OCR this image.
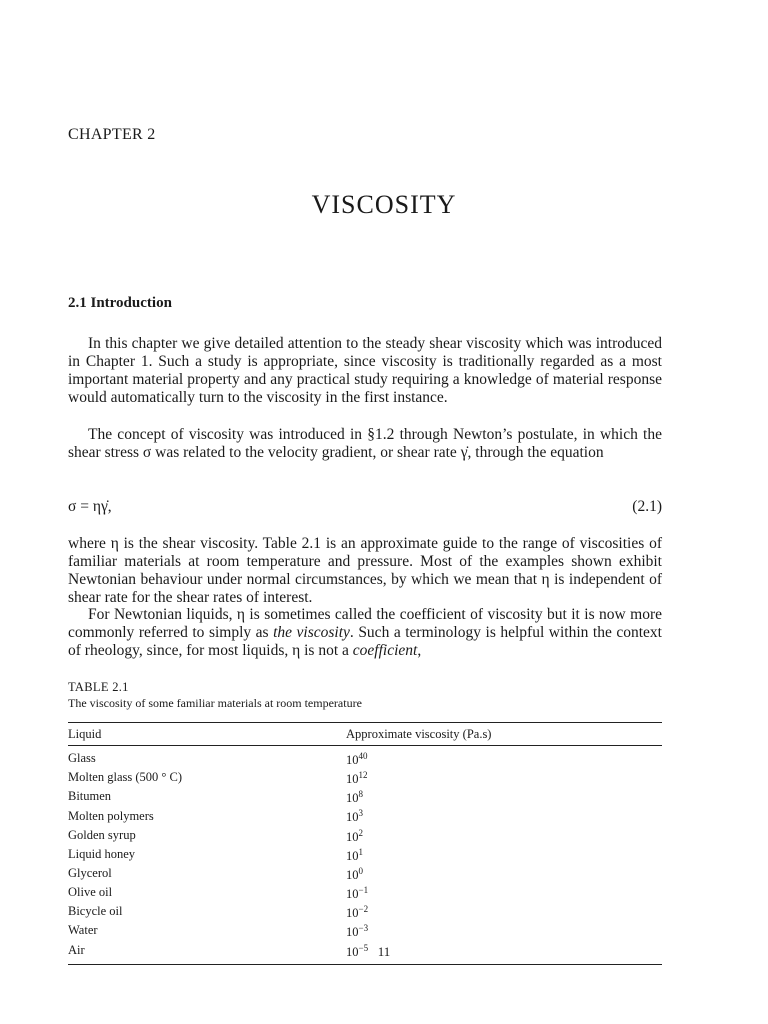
CHAPTER 2
VISCOSITY
2.1 Introduction

In this chapter we give detailed attention to the steady shear viscosity which was introduced in Chapter 1. Such a study is appropriate, since viscosity is traditionally regarded as a most important material property and any practical study requiring a knowledge of material response would automatically turn to the viscosity in the first instance.

The concept of viscosity was introduced in §1.2 through Newton’s postulate, in which the shear stress σ was related to the velocity gradient, or shear rate γ̇, through the equation

σ = ηγ̇,	(2.1)

where η is the shear viscosity. Table 2.1 is an approximate guide to the range of viscosities of familiar materials at room temperature and pressure. Most of the examples shown exhibit Newtonian behaviour under normal circumstances, by which we mean that η is independent of shear rate for the shear rates of interest.

For Newtonian liquids, η is sometimes called the coefficient of viscosity but it is now more commonly referred to simply as the viscosity. Such a terminology is helpful within the context of rheology, since, for most liquids, η is not a coefficient,

TABLE 2.1
The viscosity of some familiar materials at room temperature
Liquid	Approximate viscosity (Pa.s)
Glass	$10^{40}$
Molten glass (500 ° C)	$10^{12}$
Bitumen	$10^8$
Molten polymers	$10^3$
Golden syrup	$10^2$
Liquid honey	$10^1$
Glycerol	$10^0$
Olive oil	$10^{-1}$
Bicycle oil	$10^{-2}$
Water	$10^{-3}$
Air	$10^{-5}$ 11
